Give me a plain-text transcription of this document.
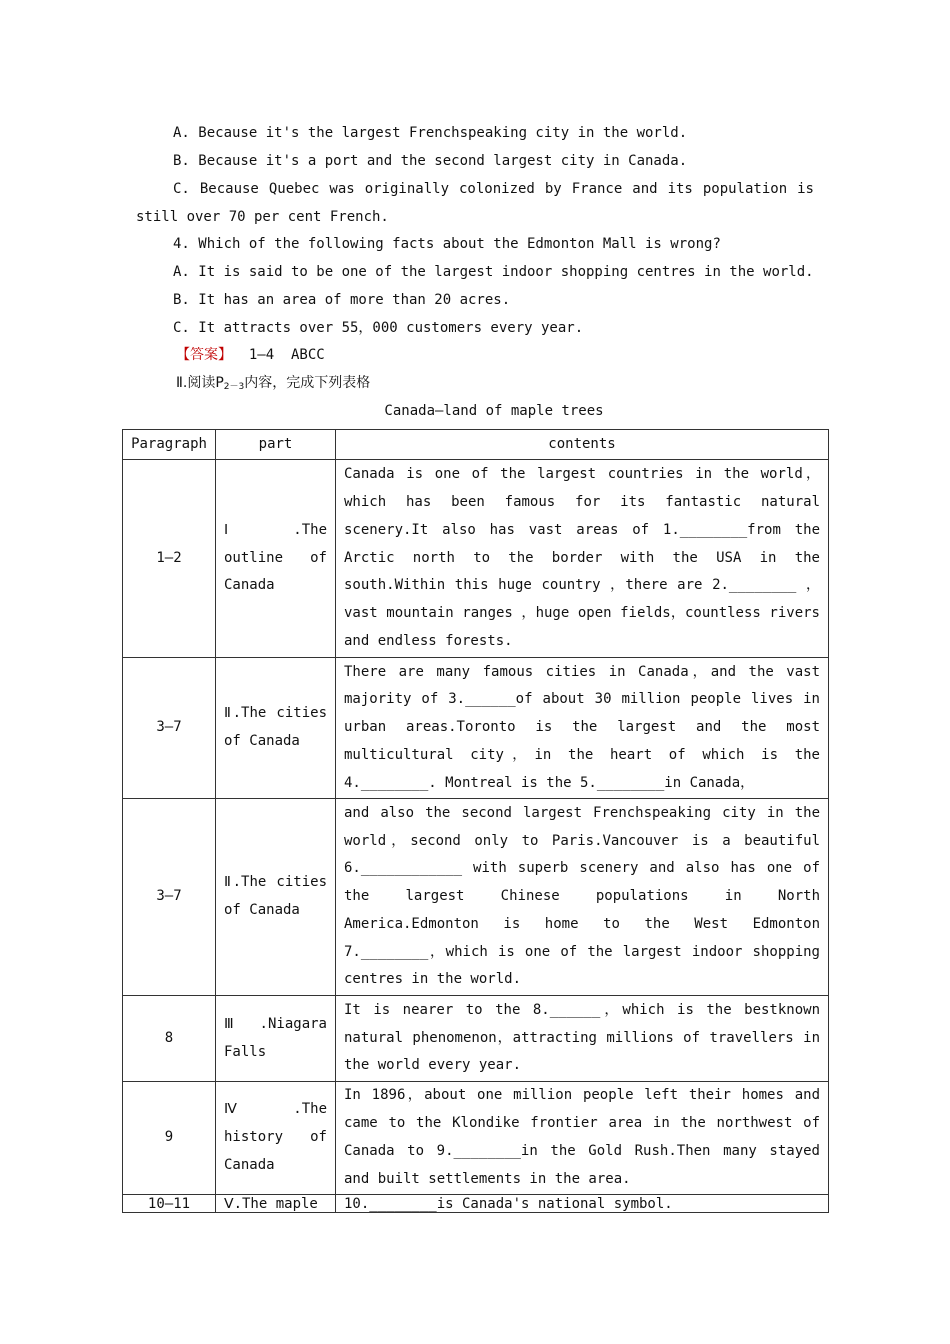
A. Because it's the largest Frenchspeaking city in the world.
B. Because it's a port and the second largest city in Canada.
C. Because Quebec was originally colonized by France and its population is
still over 70 per cent French.
4. Which of the following facts about the Edmonton Mall is wrong?
A. It is said to be one of the largest indoor shopping centres in the world.
B. It has an area of more than 20 acres.
C. It attracts over 55，000 customers every year.
【答案】 1—4  ABCC
Ⅱ.阅读$P_{2-3}$内容，完成下列表格
Canada—land of maple trees
Paragraph	part	contents
1—2	Ⅰ.The outline of Canada	Canada is one of the largest countries in the world，which has been famous for its fantastic natural scenery.It also has vast areas of 1.________from the Arctic north to the border with the USA in the south.Within this huge country ，there are 2.________ ，vast mountain ranges ，huge open fields，countless rivers and endless forests.
3—7	Ⅱ.The cities of Canada	There are many famous cities in Canada，and the vast majority of 3.______of about 30 million people lives in urban areas.Toronto is the largest and the most multicultural city，in the heart of which is the 4.________. Montreal is the 5.________in Canada，
3—7	Ⅱ.The cities of Canada	and also the second largest Frenchspeaking city in the world，second only to Paris.Vancouver is a beautiful 6.____________ with superb scenery and also has one of the largest Chinese populations in North America.Edmonton is home to the West Edmonton 7.________，which is one of the largest indoor shopping centres in the world.
8	Ⅲ.Niagara Falls	It is nearer to the 8.______，which is the bestknown natural phenomenon，attracting millions of travellers in the world every year.
9	Ⅳ.The history of Canada	In 1896，about one million people left their homes and came to the Klondike frontier area in the northwest of Canada to 9.________in the Gold Rush.Then many stayed and built settlements in the area.
10—11	Ⅴ.The maple	10.________is Canada's national symbol.
